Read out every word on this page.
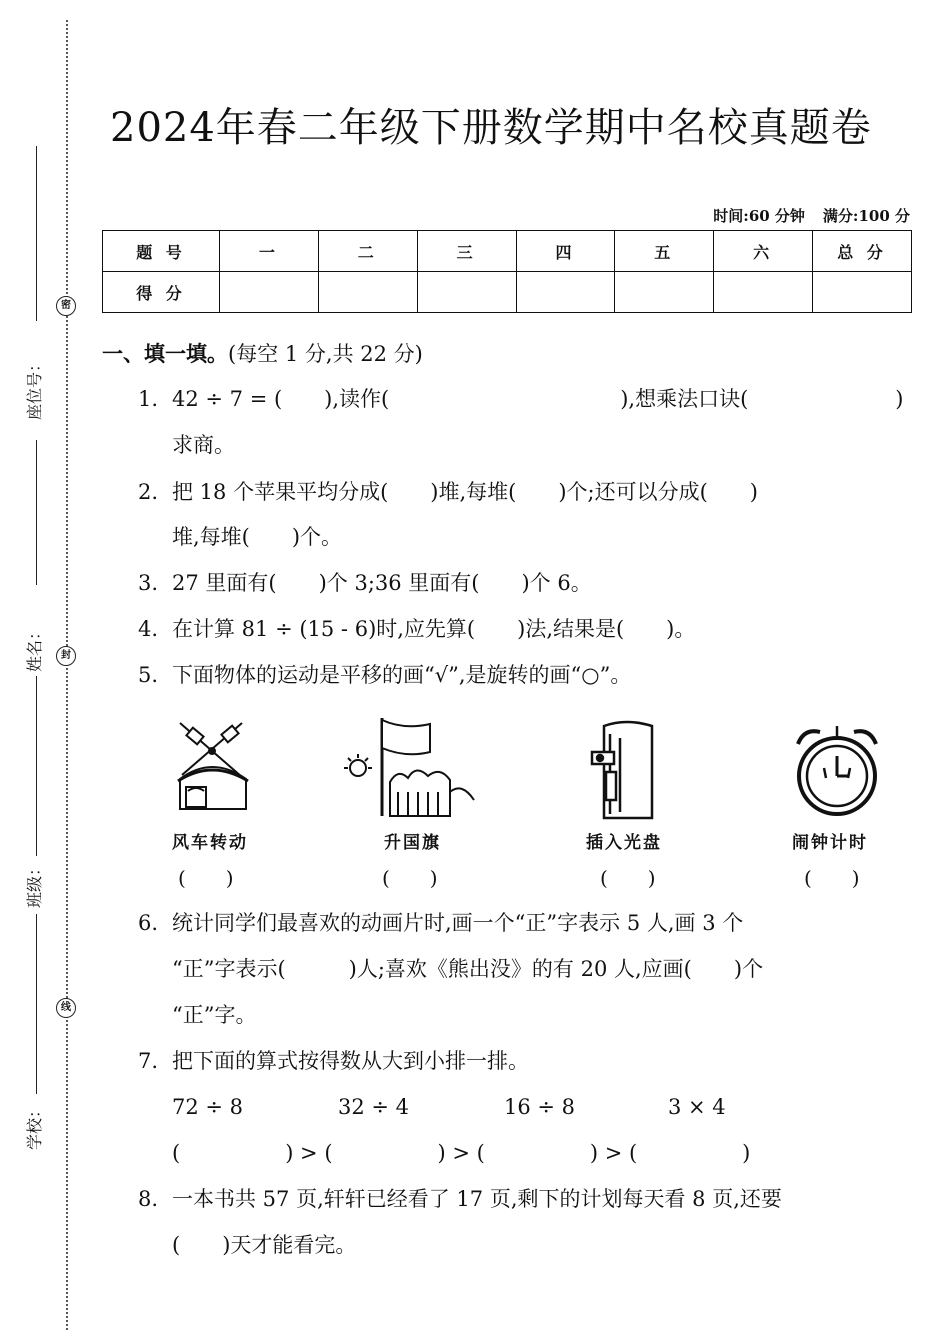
密
封
线
座位号：
姓名：
班级：
学校：
2024年春二年级下册数学期中名校真题卷
时间:60 分钟 满分:100 分
题 号	一	二	三	四	五	六	总 分
得 分							
一、填一填。(每空 1 分,共 22 分)
1. 42 ÷ 7 = (　　),读作(　　　　　　　　　　　),想乘法口诀(　　　　　　　)
求商。
2. 把 18 个苹果平均分成(　　)堆,每堆(　　)个;还可以分成(　　)
堆,每堆(　　)个。
3. 27 里面有(　　)个 3;36 里面有(　　)个 6。
4. 在计算 81 ÷ (15 - 6)时,应先算(　　)法,结果是(　　)。
5. 下面物体的运动是平移的画“√”,是旋转的画“○”。
风车转动	升国旗	插入光盘	闹钟计时
(　　)	(　　)	(　　)	(　　)
6. 统计同学们最喜欢的动画片时,画一个“正”字表示 5 人,画 3 个
“正”字表示(　　　)人;喜欢《熊出没》的有 20 人,应画(　　)个
“正”字。
7. 把下面的算式按得数从大到小排一排。
72 ÷ 8	32 ÷ 4	16 ÷ 8	3 × 4
(　　　　　) > (　　　　　) > (　　　　　) > (　　　　　)
8. 一本书共 57 页,轩轩已经看了 17 页,剩下的计划每天看 8 页,还要
(　　)天才能看完。
